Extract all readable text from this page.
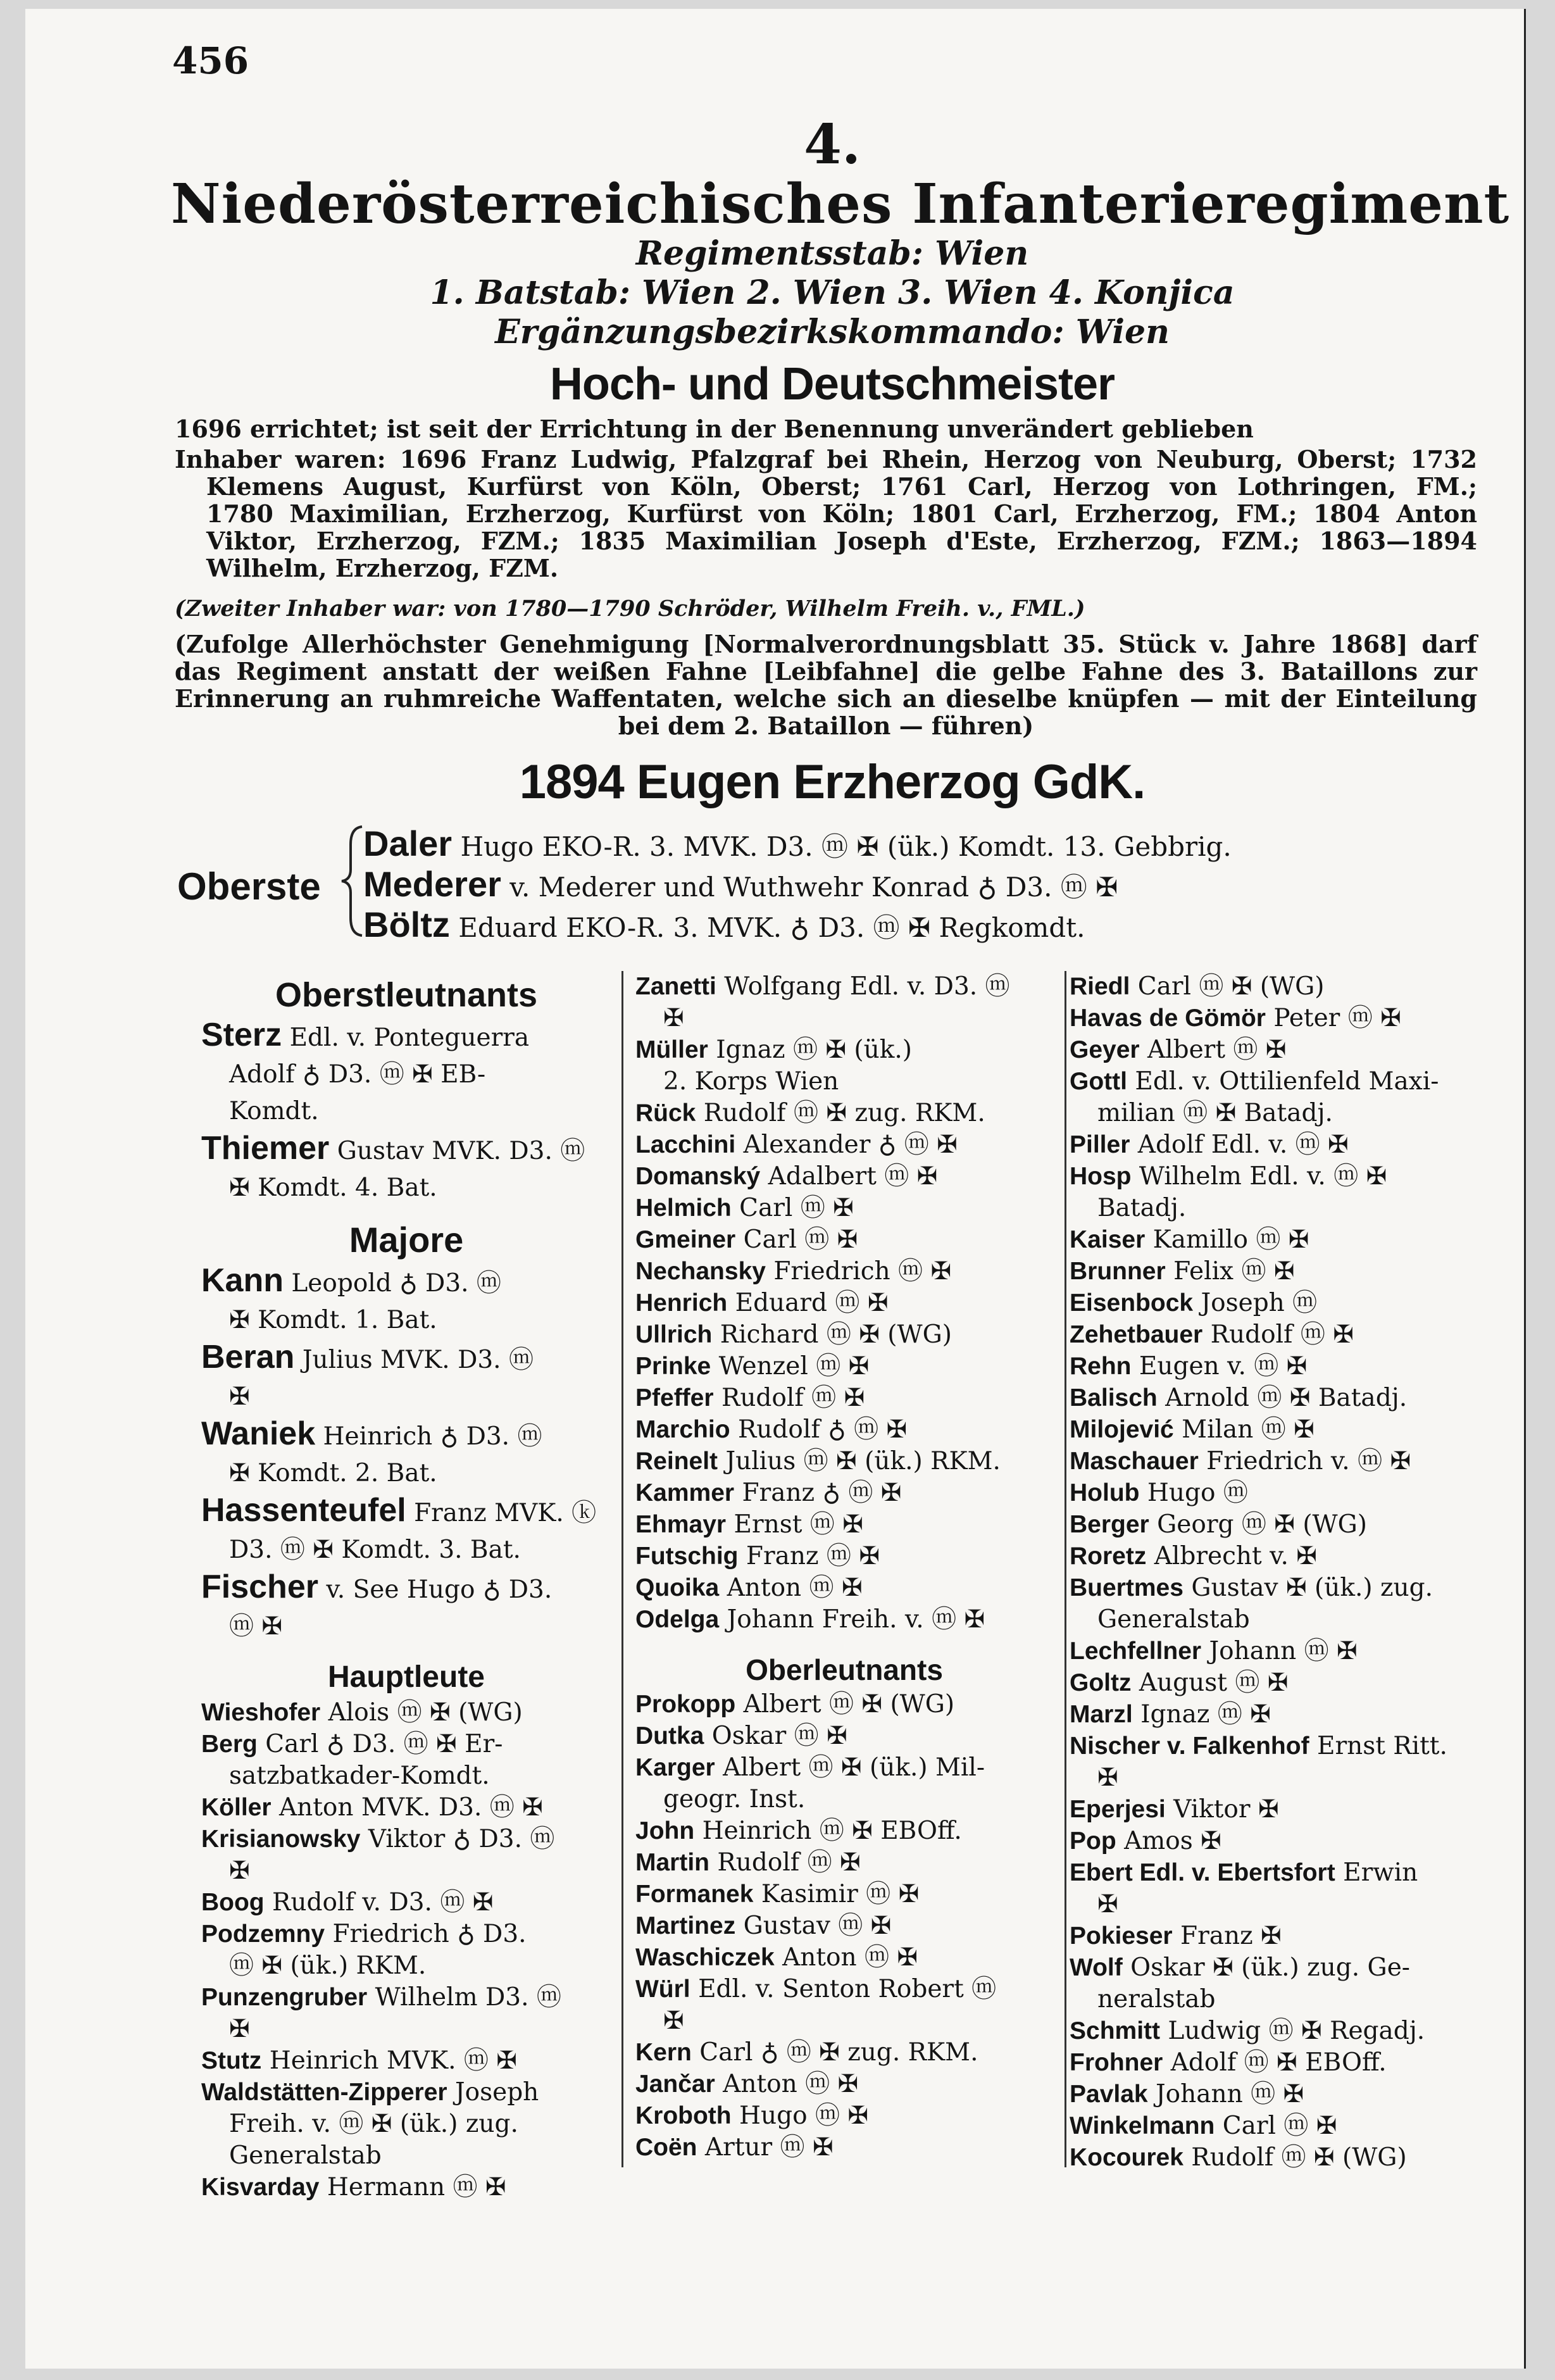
456
4.
Niederösterreichisches Infanterieregiment
Regimentsstab: Wien
1. Batstab: Wien 2. Wien 3. Wien 4. Konjica
Ergänzungsbezirkskommando: Wien
Hoch- und Deutschmeister
1696 errichtet; ist seit der Errichtung in der Benennung unverändert geblieben
Inhaber waren: 1696 Franz Ludwig, Pfalzgraf bei Rhein, Herzog von Neuburg, Oberst; 1732
Klemens August, Kurfürst von Köln, Oberst; 1761 Carl, Herzog von Lothringen, FM.;
1780 Maximilian, Erzherzog, Kurfürst von Köln; 1801 Carl, Erzherzog, FM.; 1804 Anton
Viktor, Erzherzog, FZM.; 1835 Maximilian Joseph d'Este, Erzherzog, FZM.; 1863—1894
Wilhelm, Erzherzog, FZM.
(Zweiter Inhaber war: von 1780—1790 Schröder, Wilhelm Freih. v., FML.)
(Zufolge Allerhöchster Genehmigung [Normalverordnungsblatt 35. Stück v. Jahre 1868] darf
das Regiment anstatt der weißen Fahne [Leibfahne] die gelbe Fahne des 3. Bataillons zur
Erinnerung an ruhmreiche Waffentaten, welche sich an dieselbe knüpfen — mit der Einteilung
bei dem 2. Bataillon — führen)
1894 Eugen Erzherzog GdK.
Oberste
Daler Hugo EKO-R. 3. MVK. D3. ⓜ ✠ (ük.) Komdt. 13. Gebbrig.
Mederer v. Mederer und Wuthwehr Konrad ♁ D3. ⓜ ✠
Böltz Eduard EKO-R. 3. MVK. ♁ D3. ⓜ ✠ Regkomdt.
Oberstleutnants
Sterz Edl. v. Ponteguerra
Adolf ♁ D3. ⓜ ✠ EB-
Komdt.
Thiemer Gustav MVK. D3. ⓜ
✠ Komdt. 4. Bat.
Majore
Kann Leopold ♁ D3. ⓜ
✠ Komdt. 1. Bat.
Beran Julius MVK. D3. ⓜ
✠
Waniek Heinrich ♁ D3. ⓜ
✠ Komdt. 2. Bat.
Hassenteufel Franz MVK. ⓚ
D3. ⓜ ✠ Komdt. 3. Bat.
Fischer v. See Hugo ♁ D3.
ⓜ ✠
Hauptleute
Wieshofer Alois ⓜ ✠ (WG)
Berg Carl ♁ D3. ⓜ ✠ Er-
satzbatkader-Komdt.
Köller Anton MVK. D3. ⓜ ✠
Krisianowsky Viktor ♁ D3. ⓜ
✠
Boog Rudolf v. D3. ⓜ ✠
Podzemny Friedrich ♁ D3.
ⓜ ✠ (ük.) RKM.
Punzengruber Wilhelm D3. ⓜ
✠
Stutz Heinrich MVK. ⓜ ✠
Waldstätten-Zipperer Joseph
Freih. v. ⓜ ✠ (ük.) zug.
Generalstab
Kisvarday Hermann ⓜ ✠
Zanetti Wolfgang Edl. v. D3. ⓜ
✠
Müller Ignaz ⓜ ✠ (ük.)
2. Korps Wien
Rück Rudolf ⓜ ✠ zug. RKM.
Lacchini Alexander ♁ ⓜ ✠
Domanský Adalbert ⓜ ✠
Helmich Carl ⓜ ✠
Gmeiner Carl ⓜ ✠
Nechansky Friedrich ⓜ ✠
Henrich Eduard ⓜ ✠
Ullrich Richard ⓜ ✠ (WG)
Prinke Wenzel ⓜ ✠
Pfeffer Rudolf ⓜ ✠
Marchio Rudolf ♁ ⓜ ✠
Reinelt Julius ⓜ ✠ (ük.) RKM.
Kammer Franz ♁ ⓜ ✠
Ehmayr Ernst ⓜ ✠
Futschig Franz ⓜ ✠
Quoika Anton ⓜ ✠
Odelga Johann Freih. v. ⓜ ✠
Oberleutnants
Prokopp Albert ⓜ ✠ (WG)
Dutka Oskar ⓜ ✠
Karger Albert ⓜ ✠ (ük.) Mil-
geogr. Inst.
John Heinrich ⓜ ✠ EBOff.
Martin Rudolf ⓜ ✠
Formanek Kasimir ⓜ ✠
Martinez Gustav ⓜ ✠
Waschiczek Anton ⓜ ✠
Würl Edl. v. Senton Robert ⓜ
✠
Kern Carl ♁ ⓜ ✠ zug. RKM.
Jančar Anton ⓜ ✠
Kroboth Hugo ⓜ ✠
Coën Artur ⓜ ✠
Riedl Carl ⓜ ✠ (WG)
Havas de Gömör Peter ⓜ ✠
Geyer Albert ⓜ ✠
Gottl Edl. v. Ottilienfeld Maxi-
milian ⓜ ✠ Batadj.
Piller Adolf Edl. v. ⓜ ✠
Hosp Wilhelm Edl. v. ⓜ ✠
Batadj.
Kaiser Kamillo ⓜ ✠
Brunner Felix ⓜ ✠
Eisenbock Joseph ⓜ
Zehetbauer Rudolf ⓜ ✠
Rehn Eugen v. ⓜ ✠
Balisch Arnold ⓜ ✠ Batadj.
Milojević Milan ⓜ ✠
Maschauer Friedrich v. ⓜ ✠
Holub Hugo ⓜ
Berger Georg ⓜ ✠ (WG)
Roretz Albrecht v. ✠
Buertmes Gustav ✠ (ük.) zug.
Generalstab
Lechfellner Johann ⓜ ✠
Goltz August ⓜ ✠
Marzl Ignaz ⓜ ✠
Nischer v. Falkenhof Ernst Ritt.
✠
Eperjesi Viktor ✠
Pop Amos ✠
Ebert Edl. v. Ebertsfort Erwin
✠
Pokieser Franz ✠
Wolf Oskar ✠ (ük.) zug. Ge-
neralstab
Schmitt Ludwig ⓜ ✠ Regadj.
Frohner Adolf ⓜ ✠ EBOff.
Pavlak Johann ⓜ ✠
Winkelmann Carl ⓜ ✠
Kocourek Rudolf ⓜ ✠ (WG)
